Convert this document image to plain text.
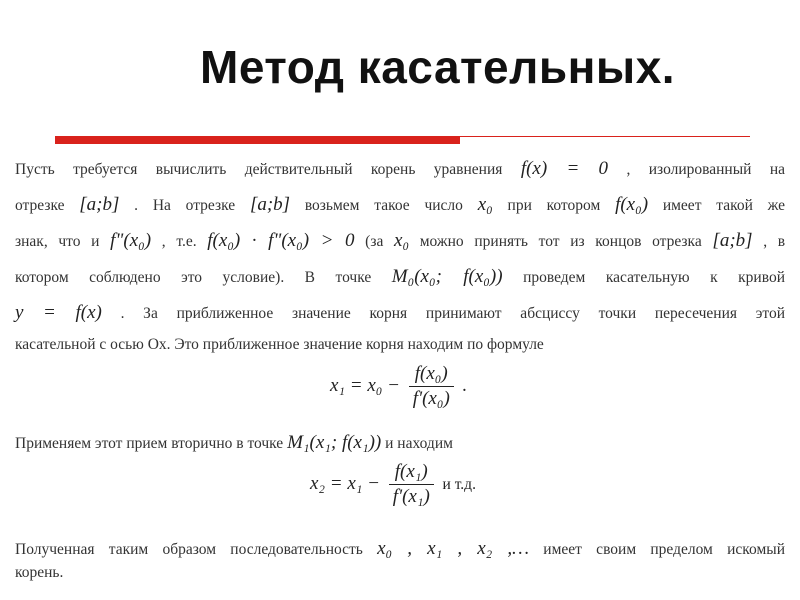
Метод касательных.
Пусть требуется вычислить действительный корень уравнения f(x) = 0 , изолированный на
отрезке [a;b] . На отрезке [a;b] возьмем такое число x₀ при котором f(x₀) имеет такой же
знак, что и f"(x₀) , т.е. f(x₀) · f"(x₀) > 0 (за x₀ можно принять тот из концов отрезка [a;b] , в
котором соблюдено это условие). В точке M₀(x₀; f(x₀)) проведем касательную к кривой
y = f(x) . За приближенное значение корня принимают абсциссу точки пересечения этой
касательной с осью Ox. Это приближенное значение корня находим по формуле
$x_1 = x_0 - \frac{\text{f(x₀)}}{\text{f'(x₀)}}$ .
Применяем этот прием вторично в точке M₁(x₁; f(x₁)) и находим
$x_2 = x_1 - \frac{\text{f(x₁)}}{\text{f'(x₁)}}$ и т.д.
Полученная таким образом последовательность x₀ , x₁ , x₂ ,… имеет своим пределом искомый
корень.
